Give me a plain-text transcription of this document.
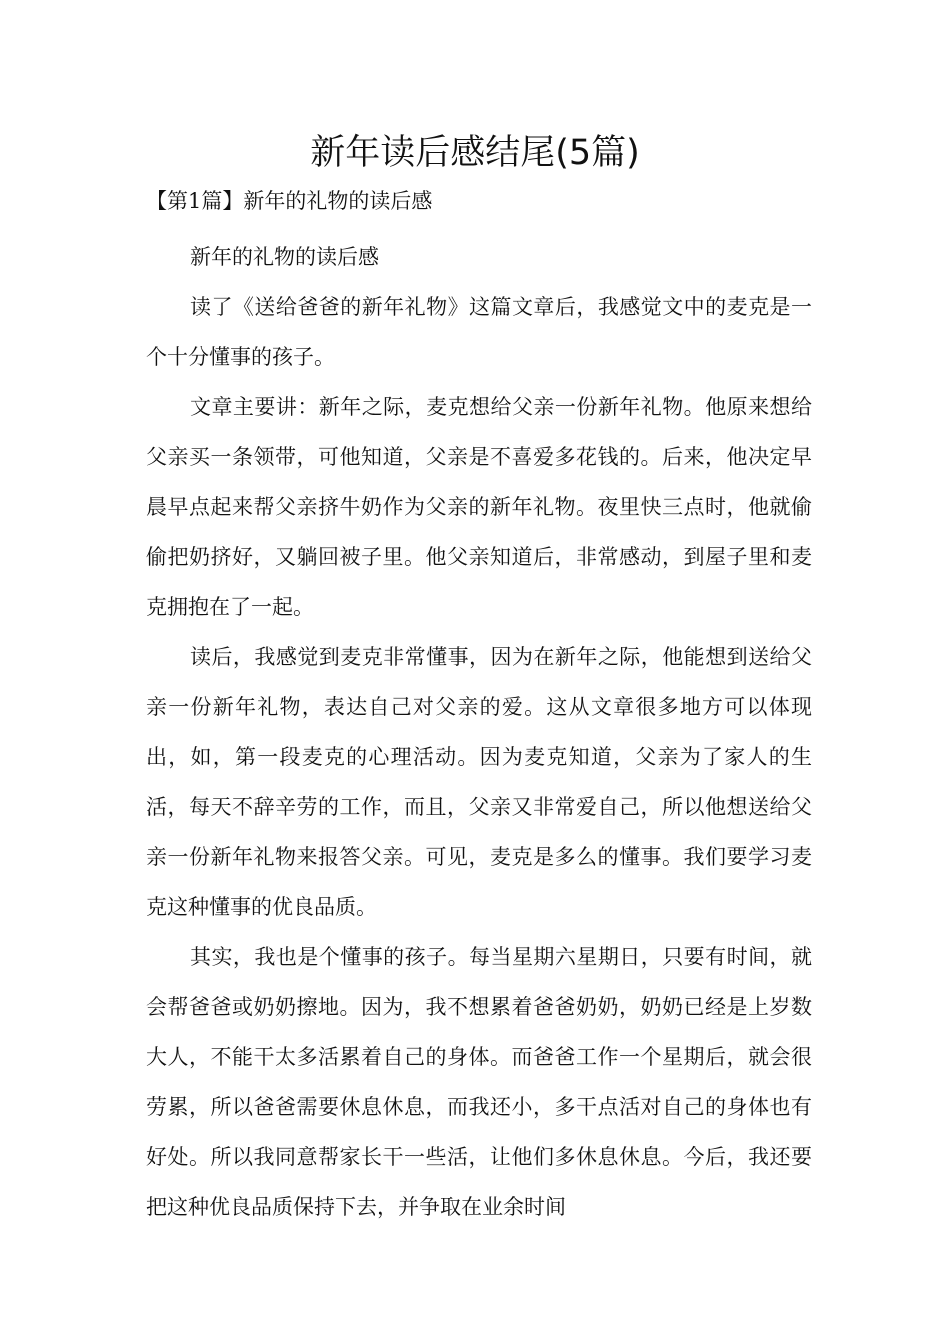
新年读后感结尾(5篇)
【第1篇】新年的礼物的读后感

新年的礼物的读后感

读了《送给爸爸的新年礼物》这篇文章后，我感觉文中的麦克是一个十分懂事的孩子。

文章主要讲：新年之际，麦克想给父亲一份新年礼物。他原来想给父亲买一条领带，可他知道，父亲是不喜爱多花钱的。后来，他决定早晨早点起来帮父亲挤牛奶作为父亲的新年礼物。夜里快三点时，他就偷偷把奶挤好，又躺回被子里。他父亲知道后，非常感动，到屋子里和麦克拥抱在了一起。

读后，我感觉到麦克非常懂事，因为在新年之际，他能想到送给父亲一份新年礼物，表达自己对父亲的爱。这从文章很多地方可以体现出，如，第一段麦克的心理活动。因为麦克知道，父亲为了家人的生活，每天不辞辛劳的工作，而且，父亲又非常爱自己，所以他想送给父亲一份新年礼物来报答父亲。可见，麦克是多么的懂事。我们要学习麦克这种懂事的优良品质。

其实，我也是个懂事的孩子。每当星期六星期日，只要有时间，就会帮爸爸或奶奶擦地。因为，我不想累着爸爸奶奶，奶奶已经是上岁数大人，不能干太多活累着自己的身体。而爸爸工作一个星期后，就会很劳累，所以爸爸需要休息休息，而我还小，多干点活对自己的身体也有好处。所以我同意帮家长干一些活，让他们多休息休息。今后，我还要把这种优良品质保持下去，并争取在业余时间
